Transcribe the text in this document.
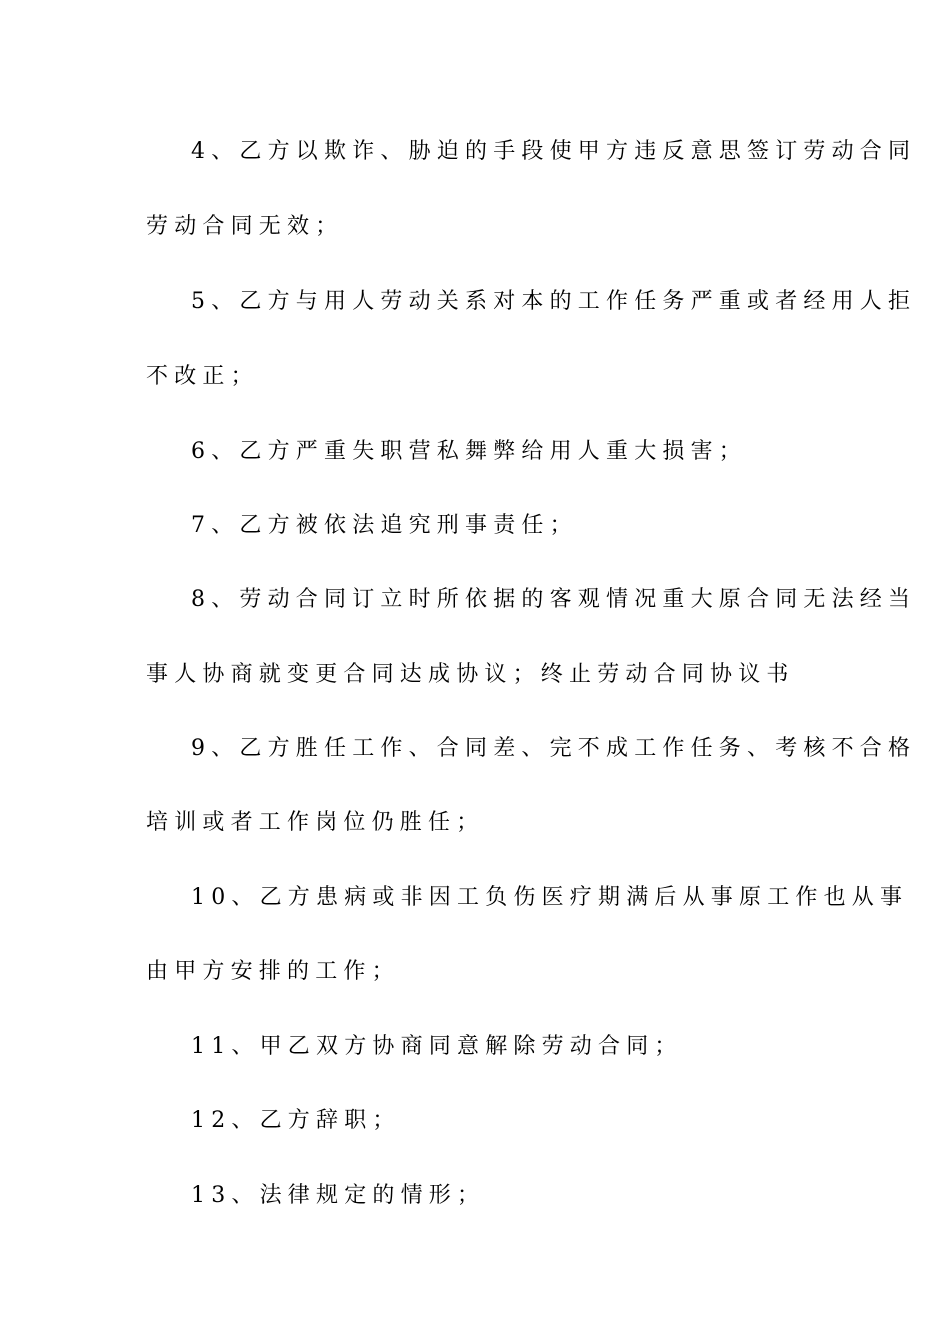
4、乙方以欺诈、胁迫的手段使甲方违反意思签订劳动合同
劳动合同无效；
5、乙方与用人劳动关系对本的工作任务严重或者经用人拒
不改正；
6、乙方严重失职营私舞弊给用人重大损害；
7、乙方被依法追究刑事责任；
8、劳动合同订立时所依据的客观情况重大原合同无法经当
事人协商就变更合同达成协议；终止劳动合同协议书
9、乙方胜任工作、合同差、完不成工作任务、考核不合格
培训或者工作岗位仍胜任；
10、乙方患病或非因工负伤医疗期满后从事原工作也从事
由甲方安排的工作；
11、甲乙双方协商同意解除劳动合同；
12、乙方辞职；
13、法律规定的情形；
